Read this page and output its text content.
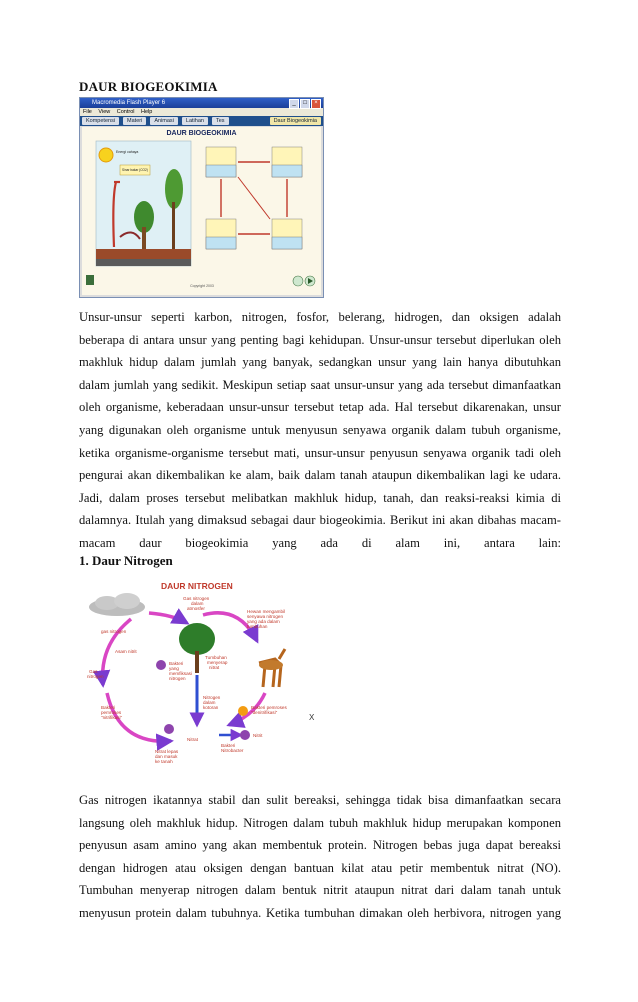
DAUR BIOGEOKIMIA
Macromedia Flash Player 6	_	□	×
File View Control Help
Kompetensi	Materi	Animasi	Latihan	Tes	Daur Biogeokimia
DAUR BIOGEOKIMIA
Energi cahaya
Sinar bakar (CO2)
Copyright 2003
Unsur-unsur seperti karbon, nitrogen, fosfor, belerang, hidrogen, dan oksigen adalah
beberapa di antara unsur yang penting bagi kehidupan. Unsur-unsur tersebut diperlukan oleh
makhluk hidup dalam jumlah yang banyak, sedangkan unsur yang lain hanya dibutuhkan
dalam jumlah yang sedikit. Meskipun setiap saat unsur-unsur yang ada tersebut dimanfaatkan
oleh organisme, keberadaan unsur-unsur tersebut tetap ada. Hal tersebut dikarenakan, unsur
yang digunakan oleh organisme untuk menyusun senyawa organik dalam tubuh organisme,
ketika organisme-organisme tersebut mati, unsur-unsur penyusun senyawa organik tadi oleh
pengurai akan dikembalikan ke alam, baik dalam tanah ataupun dikembalikan lagi ke udara.
Jadi, dalam proses tersebut melibatkan makhluk hidup, tanah, dan reaksi-reaksi kimia di
dalamnya. Itulah yang dimaksud sebagai daur biogeokimia. Berikut ini akan dibahas macam-
macam daur biogeokimia yang ada di alam ini, antara lain:
1. Daur Nitrogen
DAUR NITROGEN
Gas nitrogen dalam atmosfer
gas nitrogen
Asam nitrit
Gas nitrogen
Hewan mengambil senyawa nitrogen yang ada dalam tumbuhan
Tumbuhan menyerap nitrat
Bakteri yang memfiksasi nitrogen
Nitrogen dalam kotoran	Bakteri pemroses "denitrifikasi"
Bakteri pemroses "nitrifikasi"
Nitrit
Nitrat
Nitrat lepas dan masuk ke tanah
Bakteri Nitrobacter
X
Gas nitrogen ikatannya stabil dan sulit bereaksi, sehingga tidak bisa dimanfaatkan secara
langsung oleh makhluk hidup. Nitrogen dalam tubuh makhluk hidup merupakan komponen
penyusun asam amino yang akan membentuk protein. Nitrogen bebas juga dapat bereaksi
dengan hidrogen atau oksigen dengan bantuan kilat atau petir membentuk nitrat (NO).
Tumbuhan menyerap nitrogen dalam bentuk nitrit ataupun nitrat dari dalam tanah untuk
menyusun protein dalam tubuhnya. Ketika tumbuhan dimakan oleh herbivora, nitrogen yang
